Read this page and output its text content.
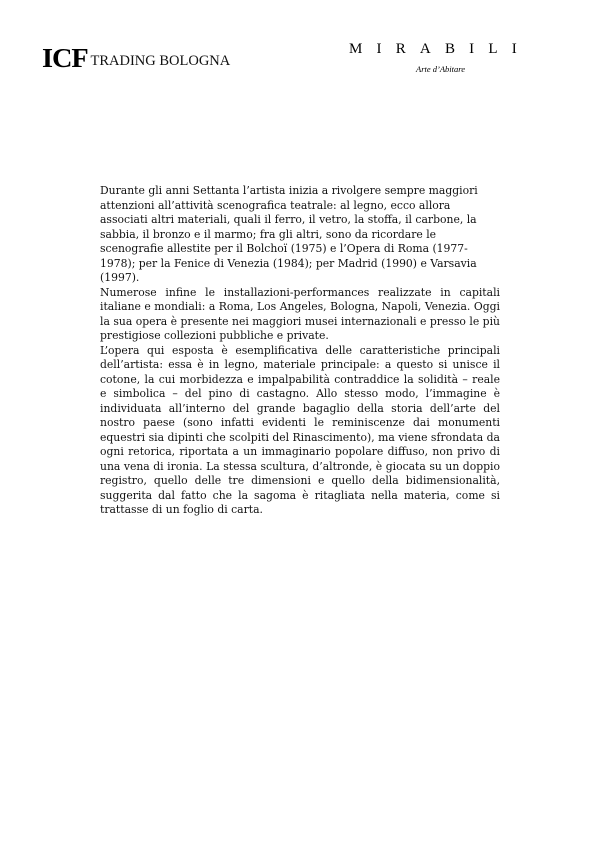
ICF TRADING BOLOGNA
MIRABILI
Arte d’Abitare

Durante gli anni Settanta l’artista inizia a rivolgere sempre maggiori attenzioni all’attività scenografica teatrale: al legno, ecco allora associati altri materiali, quali il ferro, il vetro, la stoffa, il carbone, la sabbia, il bronzo e il marmo; fra gli altri, sono da ricordare le scenografie allestite per il Bolchoï (1975) e l’Opera di Roma (1977-1978); per la Fenice di Venezia (1984); per Madrid (1990) e Varsavia (1997).

Numerose infine le installazioni-performances realizzate in capitali italiane e mondiali: a Roma, Los Angeles, Bologna, Napoli, Venezia. Oggi la sua opera è presente nei maggiori musei internazionali e presso le più prestigiose collezioni pubbliche e private.

L’opera qui esposta è esemplificativa delle caratteristiche principali dell’artista: essa è in legno, materiale principale: a questo si unisce il cotone, la cui morbidezza e impalpabilità contraddice la solidità – reale e simbolica – del pino di castagno. Allo stesso modo, l’immagine è individuata all’interno del grande bagaglio della storia dell’arte del nostro paese (sono infatti evidenti le reminiscenze dai monumenti equestri sia dipinti che scolpiti del Rinascimento), ma viene sfrondata da ogni retorica, riportata a un immaginario popolare diffuso, non privo di una vena di ironia. La stessa scultura, d’altronde, è giocata su un doppio registro, quello delle tre dimensioni e quello della bidimensionalità, suggerita dal fatto che la sagoma è ritagliata nella materia, come si trattasse di un foglio di carta.
